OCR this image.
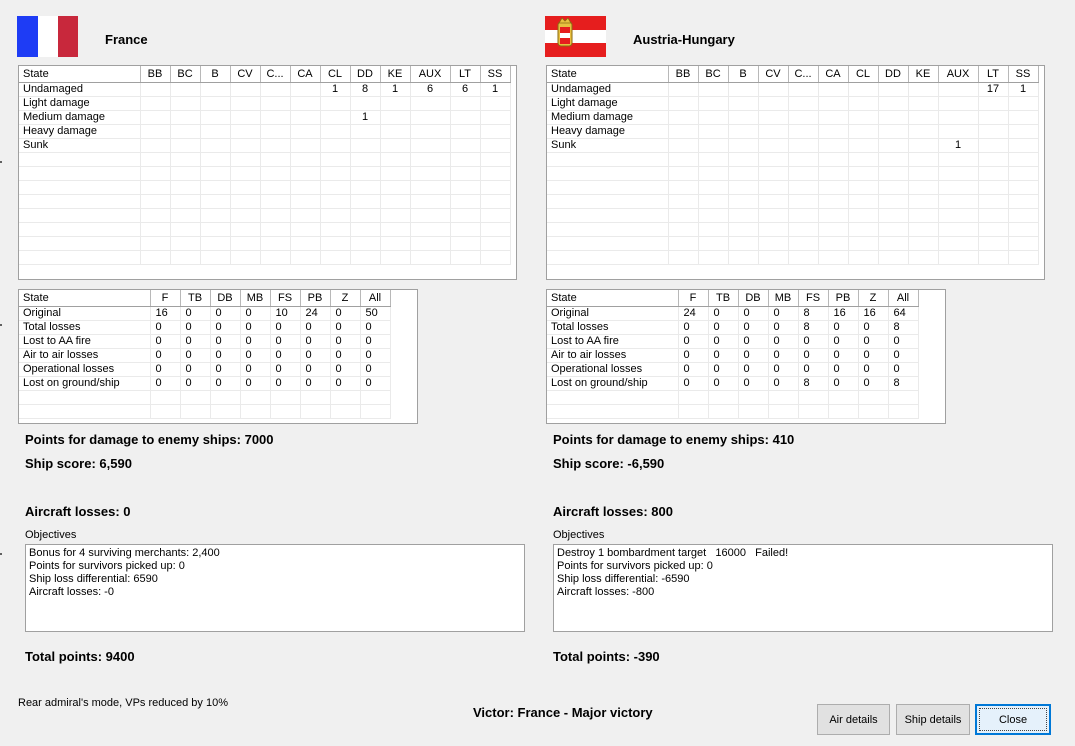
France
State	BB	BC	B	CV	C...	CA	CL	DD	KE	AUX	LT	SS
Undamaged							1	8	1	6	6	1
Light damage												
Medium damage								1				
Heavy damage												
Sunk												

State	F	TB	DB	MB	FS	PB	Z	All
Original	16	0	0	0	10	24	0	50
Total losses	0	0	0	0	0	0	0	0
Lost to AA fire	0	0	0	0	0	0	0	0
Air to air losses	0	0	0	0	0	0	0	0
Operational losses	0	0	0	0	0	0	0	0
Lost on ground/ship	0	0	0	0	0	0	0	0

Points for damage to enemy ships: 7000
Ship score: 6,590
Aircraft losses: 0
Objectives
Bonus for 4 surviving merchants: 2,400
Points for survivors picked up: 0
Ship loss differential: 6590
Aircraft losses: -0
Total points: 9400
Austria-Hungary
State	BB	BC	B	CV	C...	CA	CL	DD	KE	AUX	LT	SS
Undamaged											17	1
Light damage												
Medium damage												
Heavy damage												
Sunk										1		

State	F	TB	DB	MB	FS	PB	Z	All
Original	24	0	0	0	8	16	16	64
Total losses	0	0	0	0	8	0	0	8
Lost to AA fire	0	0	0	0	0	0	0	0
Air to air losses	0	0	0	0	0	0	0	0
Operational losses	0	0	0	0	0	0	0	0
Lost on ground/ship	0	0	0	0	8	0	0	8

Points for damage to enemy ships: 410
Ship score: -6,590
Aircraft losses: 800
Objectives
Destroy 1 bombardment target   16000   Failed!
Points for survivors picked up: 0
Ship loss differential: -6590
Aircraft losses: -800
Total points: -390
Rear admiral's mode, VPs reduced by 10%
Victor: France - Major victory	Air details	Ship details	Close
